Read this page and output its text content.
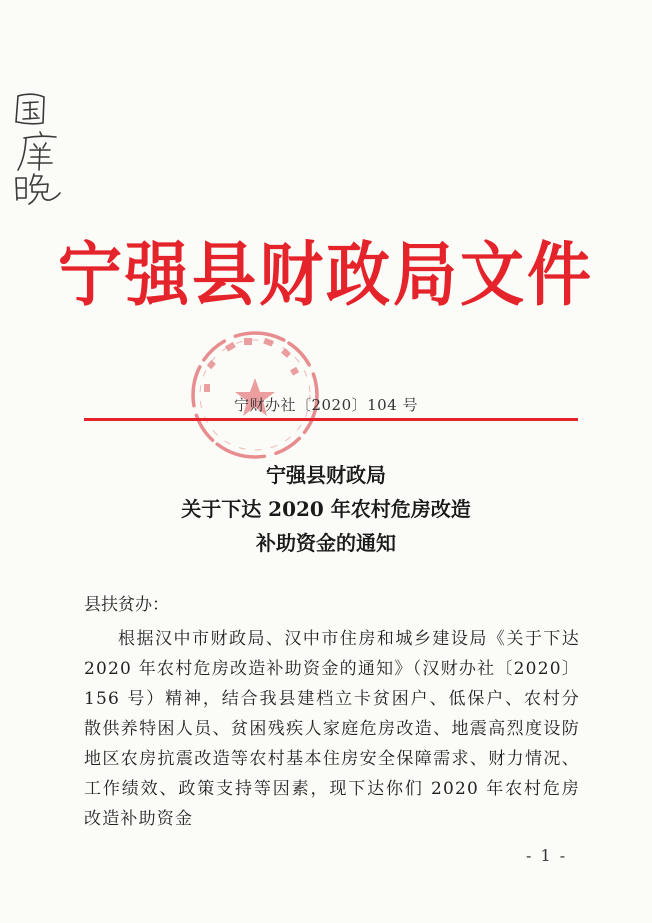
宁强县财政局文件
宁财办社〔2020〕104 号
宁强县财政局
关于下达 2020 年农村危房改造
补助资金的通知

县扶贫办：

根据汉中市财政局、汉中市住房和城乡建设局《关于下达 2020 年农村危房改造补助资金的通知》（汉财办社〔2020〕156 号）精神，结合我县建档立卡贫困户、低保户、农村分散供养特困人员、贫困残疾人家庭危房改造、地震高烈度设防地区农房抗震改造等农村基本住房安全保障需求、财力情况、工作绩效、政策支持等因素，现下达你们 2020 年农村危房改造补助资金

- 1 -
